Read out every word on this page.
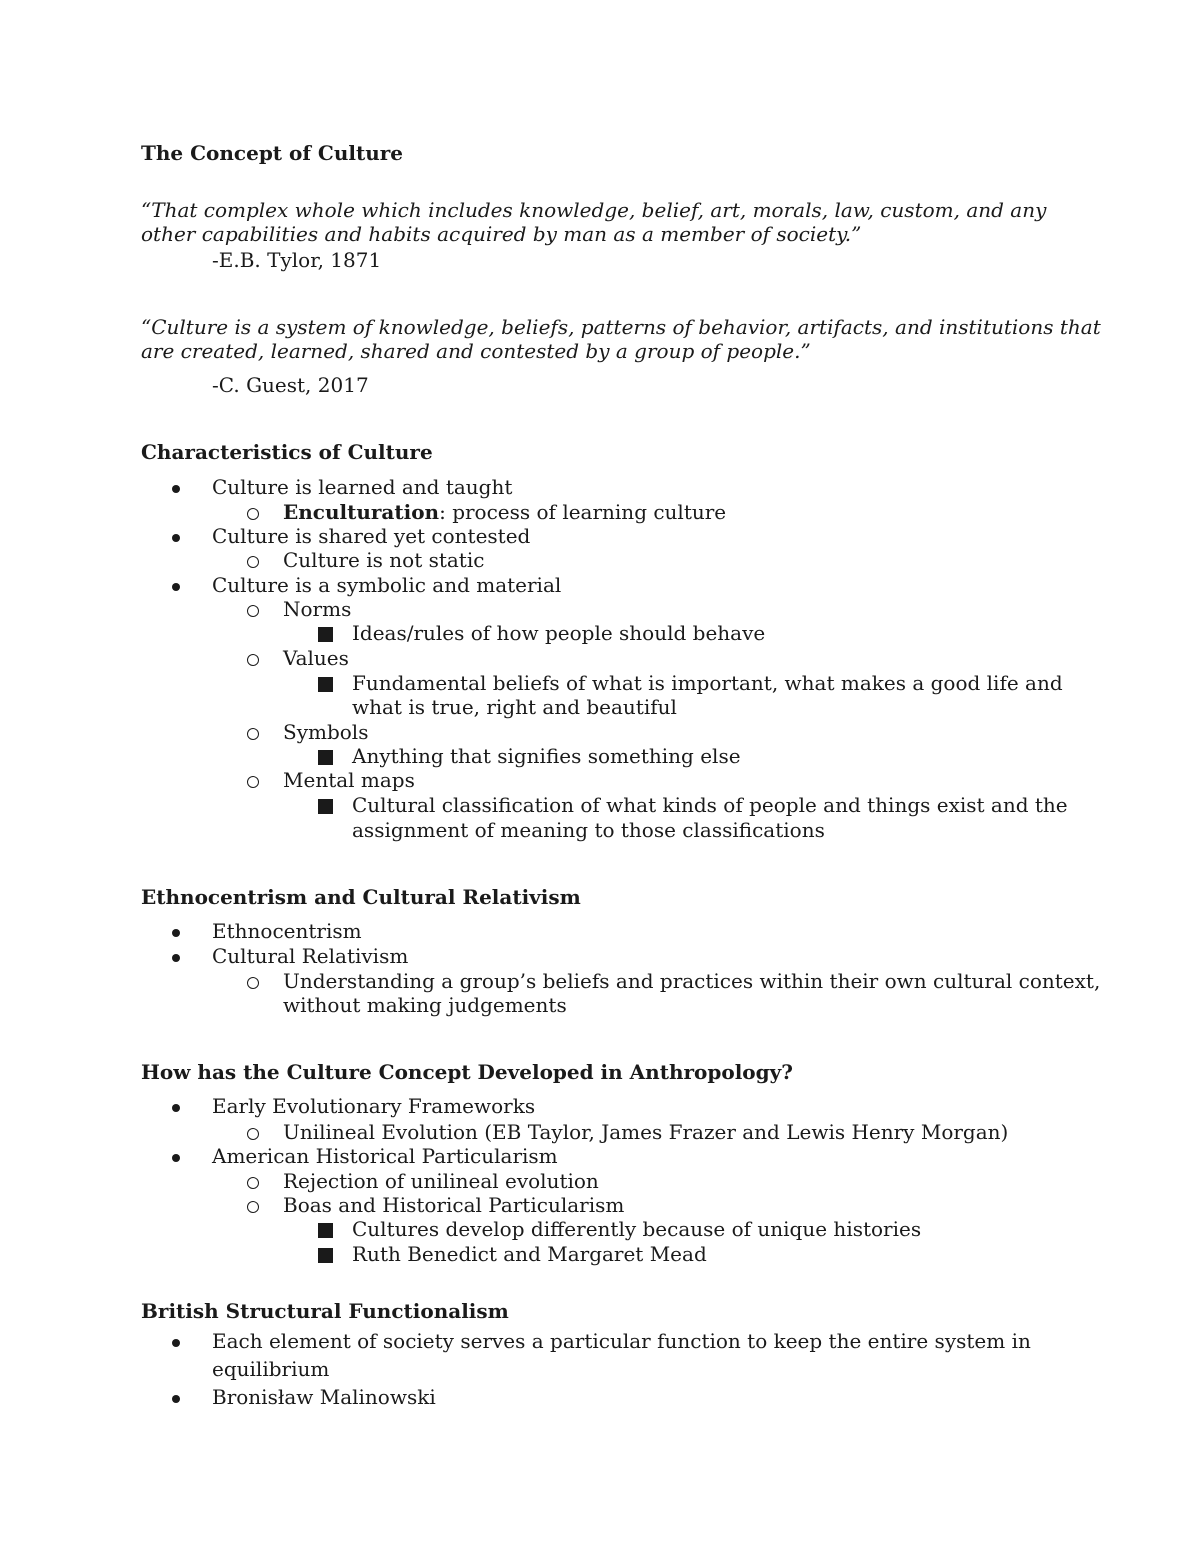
The Concept of Culture
“That complex whole which includes knowledge, belief, art, morals, law, custom, and any
other capabilities and habits acquired by man as a member of society.”
-E.B. Tylor, 1871
“Culture is a system of knowledge, beliefs, patterns of behavior, artifacts, and institutions that
are created, learned, shared and contested by a group of people.”
-C. Guest, 2017
Characteristics of Culture
Culture is learned and taught
Enculturation: process of learning culture
Culture is shared yet contested
Culture is not static
Culture is a symbolic and material
Norms
Ideas/rules of how people should behave
Values
Fundamental beliefs of what is important, what makes a good life and
what is true, right and beautiful
Symbols
Anything that signifies something else
Mental maps
Cultural classification of what kinds of people and things exist and the
assignment of meaning to those classifications
Ethnocentrism and Cultural Relativism
Ethnocentrism
Cultural Relativism
Understanding a group’s beliefs and practices within their own cultural context,
without making judgements
How has the Culture Concept Developed in Anthropology?
Early Evolutionary Frameworks
Unilineal Evolution (EB Taylor, James Frazer and Lewis Henry Morgan)
American Historical Particularism
Rejection of unilineal evolution
Boas and Historical Particularism
Cultures develop differently because of unique histories
Ruth Benedict and Margaret Mead
British Structural Functionalism
Each element of society serves a particular function to keep the entire system in
equilibrium
Bronisław Malinowski
